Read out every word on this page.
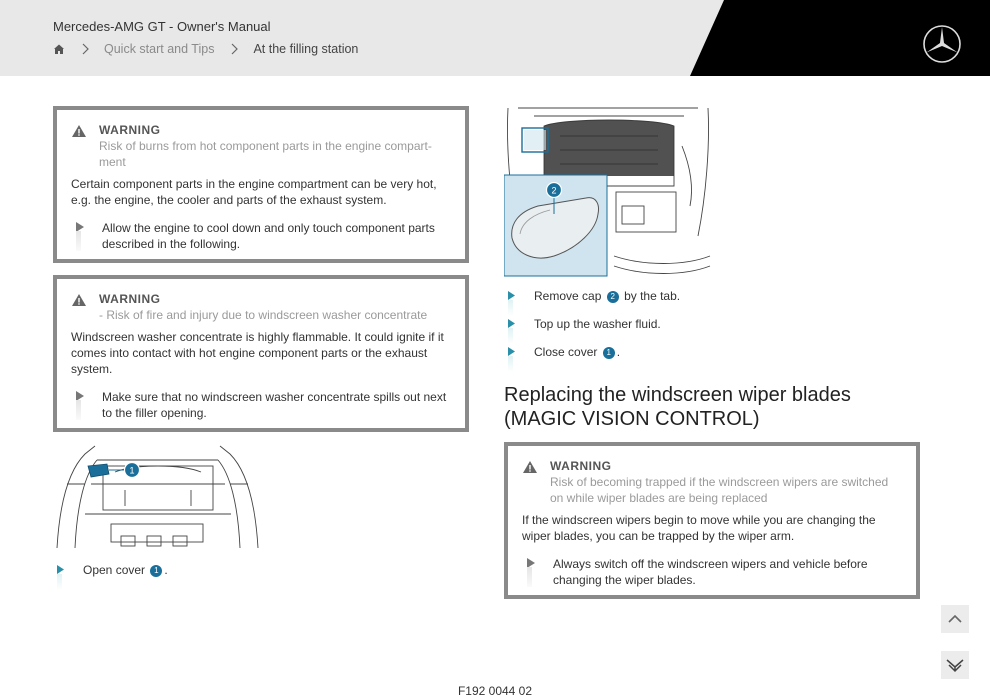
Mercedes-AMG GT - Owner's Manual
Quick start and Tips	At the filling station
WARNING
Risk of burns from hot component parts in the engine compart-ment
Certain component parts in the engine compartment can be very hot, e.g. the engine, the cooler and parts of the exhaust system.
Allow the engine to cool down and only touch component parts described in the following.
WARNING
- Risk of fire and injury due to windscreen washer concentrate
Windscreen washer concentrate is highly flammable. It could ignite if it comes into contact with hot engine component parts or the exhaust system.
Make sure that no windscreen washer concentrate spills out next to the filler opening.
1
Open cover 1 .
2
Remove cap 2 by the tab.
Top up the washer fluid.
Close cover 1 .
Replacing the windscreen wiper blades
(MAGIC VISION CONTROL)
WARNING
Risk of becoming trapped if the windscreen wipers are switched on while wiper blades are being replaced
If the windscreen wipers begin to move while you are changing the wiper blades, you can be trapped by the wiper arm.
Always switch off the windscreen wipers and vehicle before changing the wiper blades.
F192 0044 02
